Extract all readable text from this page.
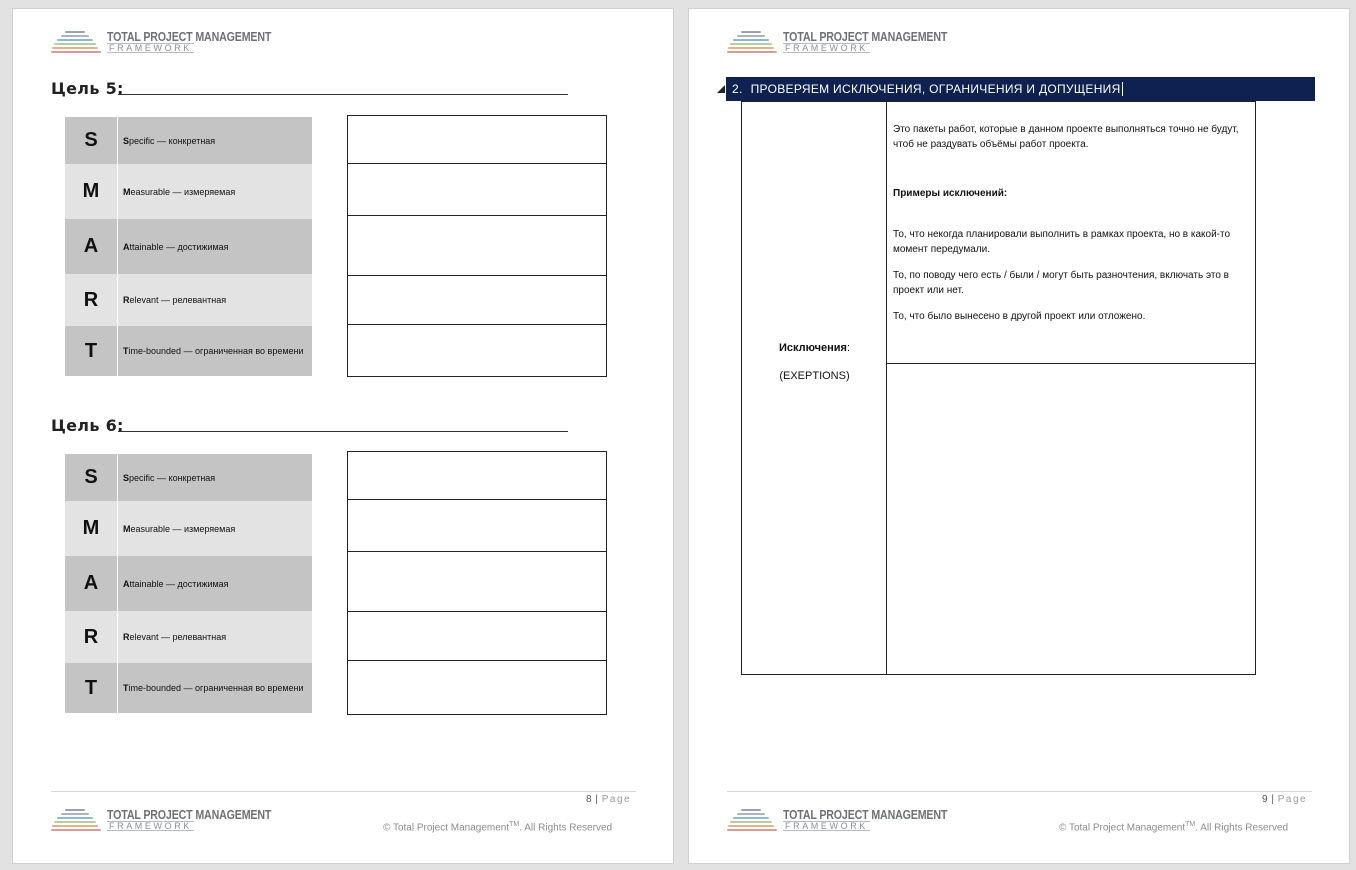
TOTAL PROJECT MANAGEMENT
FRAMEWORK
Цель 5:
S	S pecific — конкретная
M	M easurable — измеряемая
A	A ttainable — достижимая
R	R elevant — релевантная
T	T ime-bounded — ограниченная во времени
Цель 6:
S	S pecific — конкретная
M	M easurable — измеряемая
A	A ttainable — достижимая
R	R elevant — релевантная
T	T ime-bounded — ограниченная во времени
8 | Page
TOTAL PROJECT MANAGEMENT
FRAMEWORK	© Total Project Management™. All Rights Reserved
TOTAL PROJECT MANAGEMENT
FRAMEWORK
2. ПРОВЕРЯЕМ ИСКЛЮЧЕНИЯ, ОГРАНИЧЕНИЯ И ДОПУЩЕНИЯ
Исключения:
(EXEPTIONS)

Это пакеты работ, которые в данном проекте выполняться точно не будут, чтоб не раздувать объёмы работ проекта.

Примеры исключений:

То, что некогда планировали выполнить в рамках проекта, но в какой-то момент передумали.

То, по поводу чего есть / были / могут быть разночтения, включать это в проект или нет.

То, что было вынесено в другой проект или отложено.

9 | Page
TOTAL PROJECT MANAGEMENT
FRAMEWORK	© Total Project Management™. All Rights Reserved
